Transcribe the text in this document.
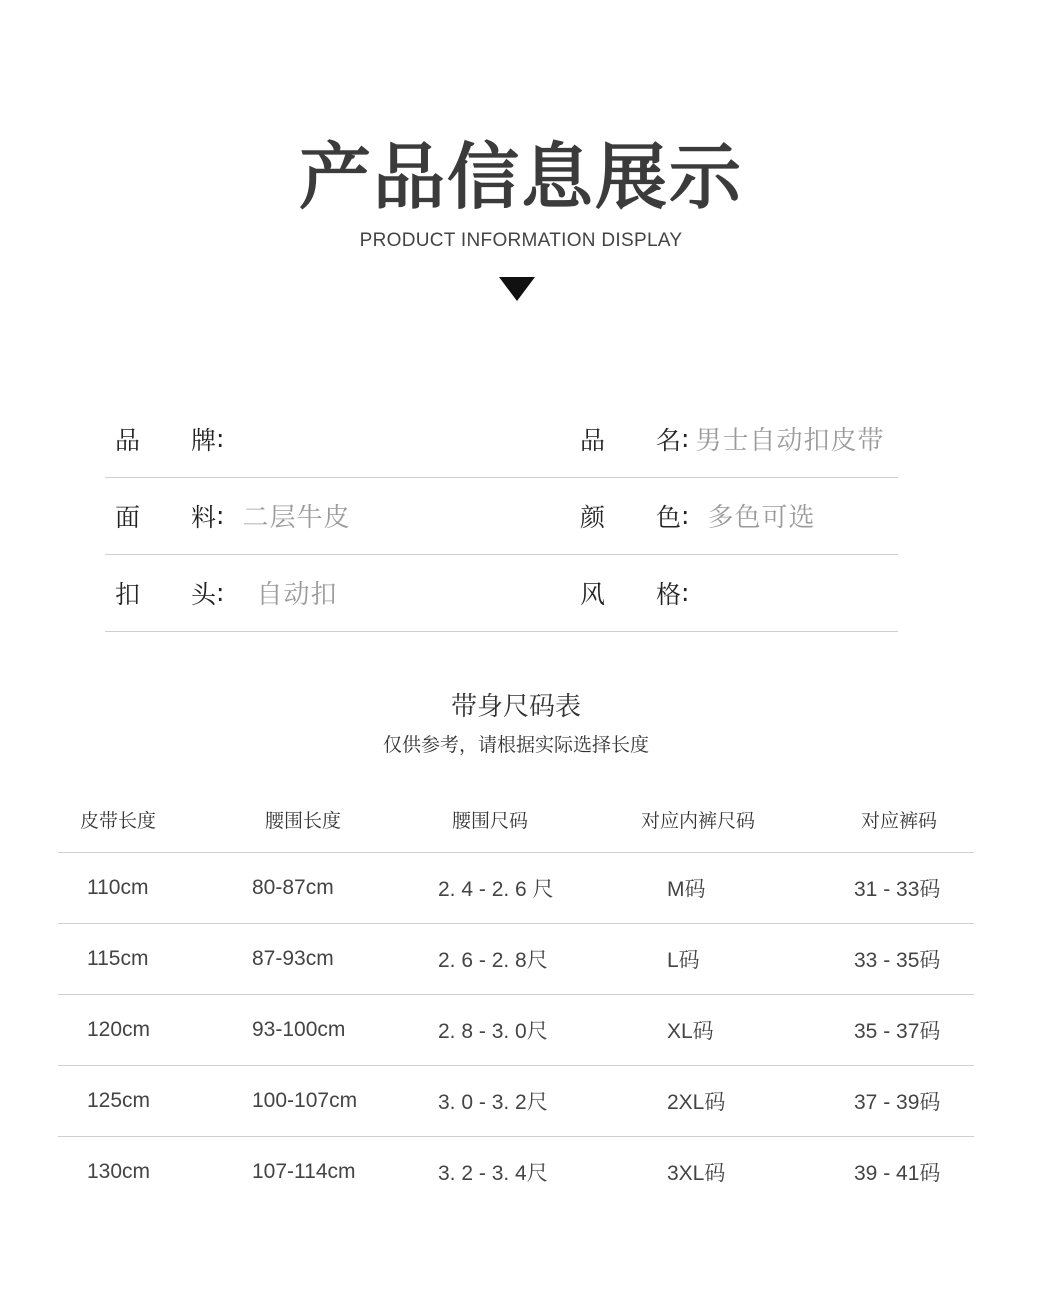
产品信息展示
PRODUCT INFORMATION DISPLAY
品	牌 :	品	名 : 男士自动扣皮带
面	料 : 二层牛皮	颜	色 : 多色可选
扣	头 : 自动扣	风	格 :
带身尺码表
仅供参考，请根据实际选择长度
皮带长度	腰围长度	腰围尺码	对应内裤尺码	对应裤码
110cm	80-87cm	2. 4 - 2. 6 尺	M码	31 - 33码
115cm	87-93cm	2. 6 - 2. 8尺	L码	33 - 35码
120cm	93-100cm	2. 8 - 3. 0尺	XL码	35 - 37码
125cm	100-107cm	3. 0 - 3. 2尺	2XL码	37 - 39码
130cm	107-114cm	3. 2 - 3. 4尺	3XL码	39 - 41码
